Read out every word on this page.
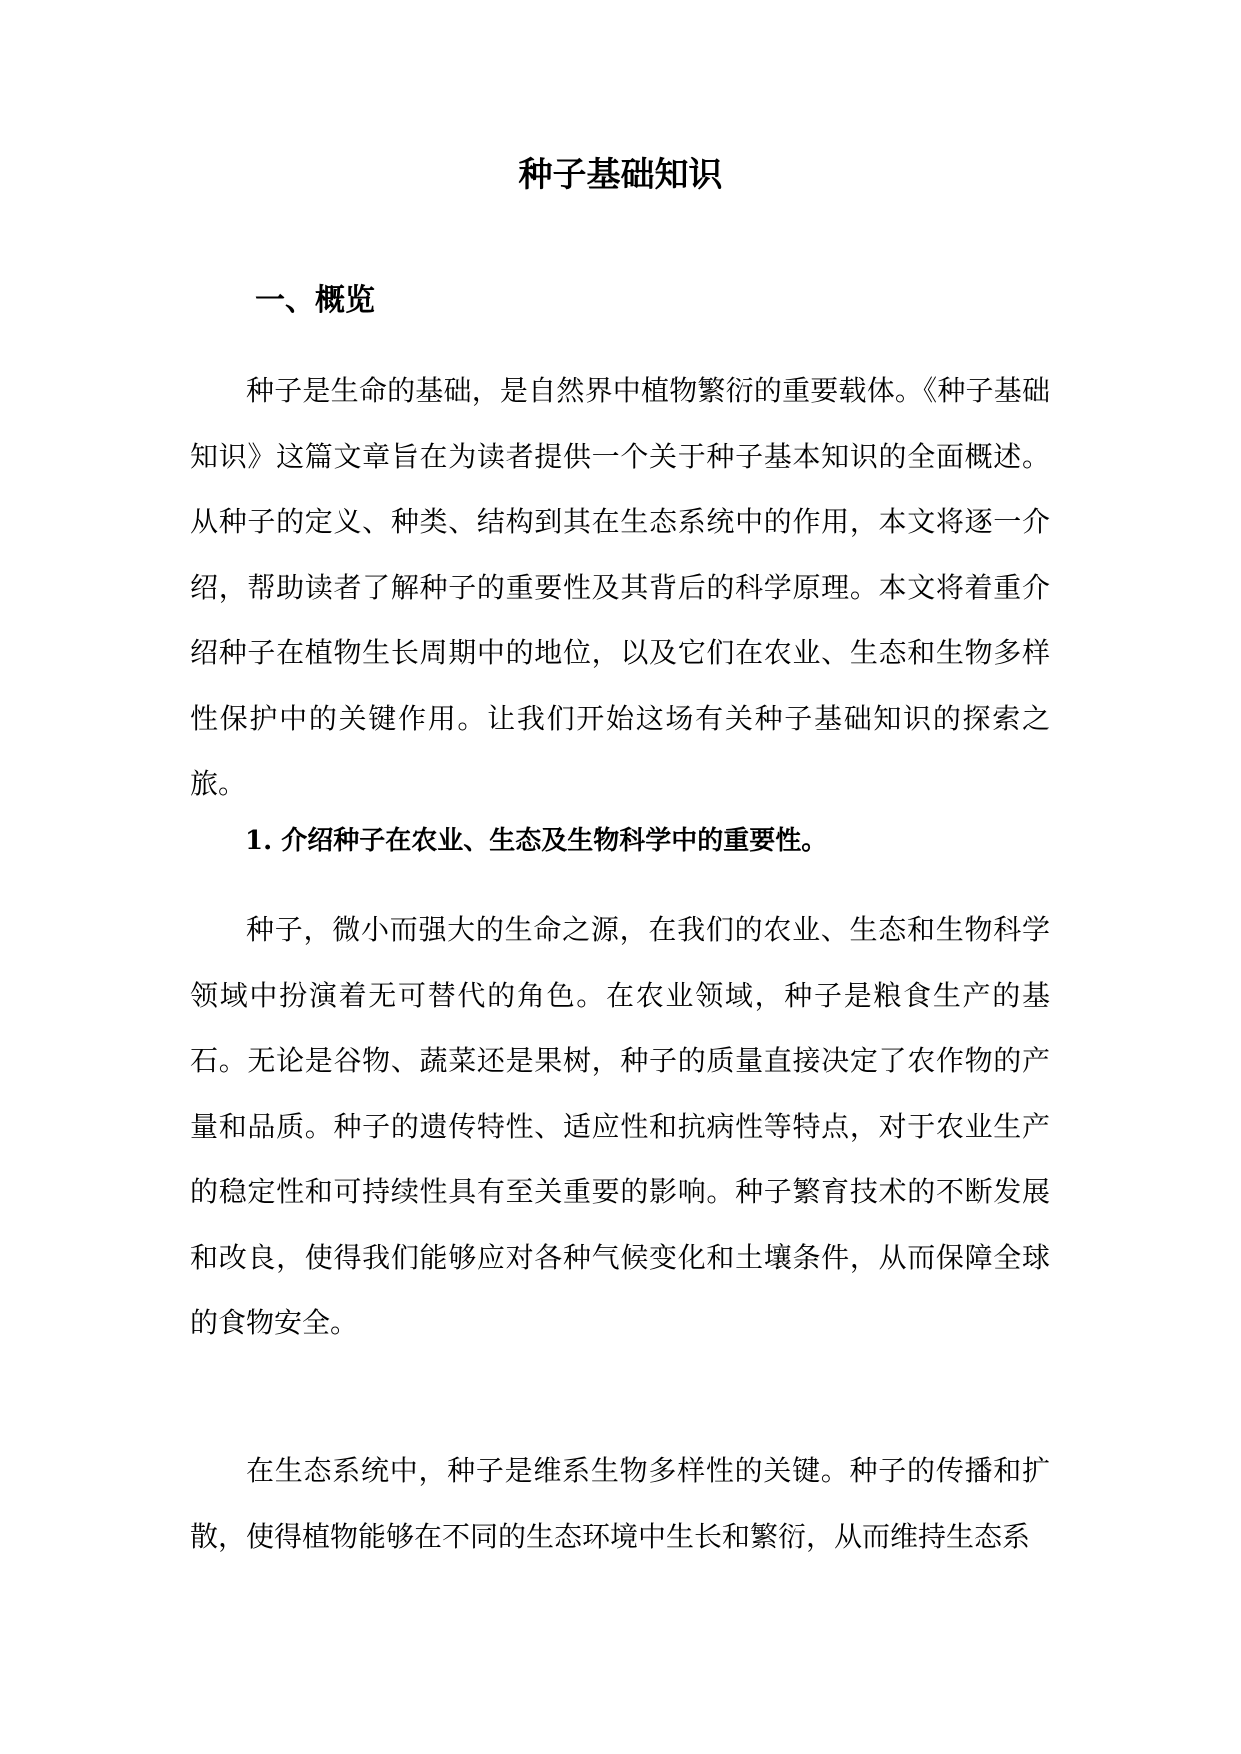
种子基础知识
一、概览

种子是生命的基础，是自然界中植物繁衍的重要载体。《种子基础知识》这篇文章旨在为读者提供一个关于种子基本知识的全面概述。从种子的定义、种类、结构到其在生态系统中的作用，本文将逐一介绍，帮助读者了解种子的重要性及其背后的科学原理。本文将着重介绍种子在植物生长周期中的地位，以及它们在农业、生态和生物多样性保护中的关键作用。让我们开始这场有关种子基础知识的探索之旅。

1. 介绍种子在农业、生态及生物科学中的重要性。

种子，微小而强大的生命之源，在我们的农业、生态和生物科学领域中扮演着无可替代的角色。在农业领域，种子是粮食生产的基石。无论是谷物、蔬菜还是果树，种子的质量直接决定了农作物的产量和品质。种子的遗传特性、适应性和抗病性等特点，对于农业生产的稳定性和可持续性具有至关重要的影响。种子繁育技术的不断发展和改良，使得我们能够应对各种气候变化和土壤条件，从而保障全球的食物安全。

在生态系统中，种子是维系生物多样性的关键。种子的传播和扩散，使得植物能够在不同的生态环境中生长和繁衍，从而维持生态系
